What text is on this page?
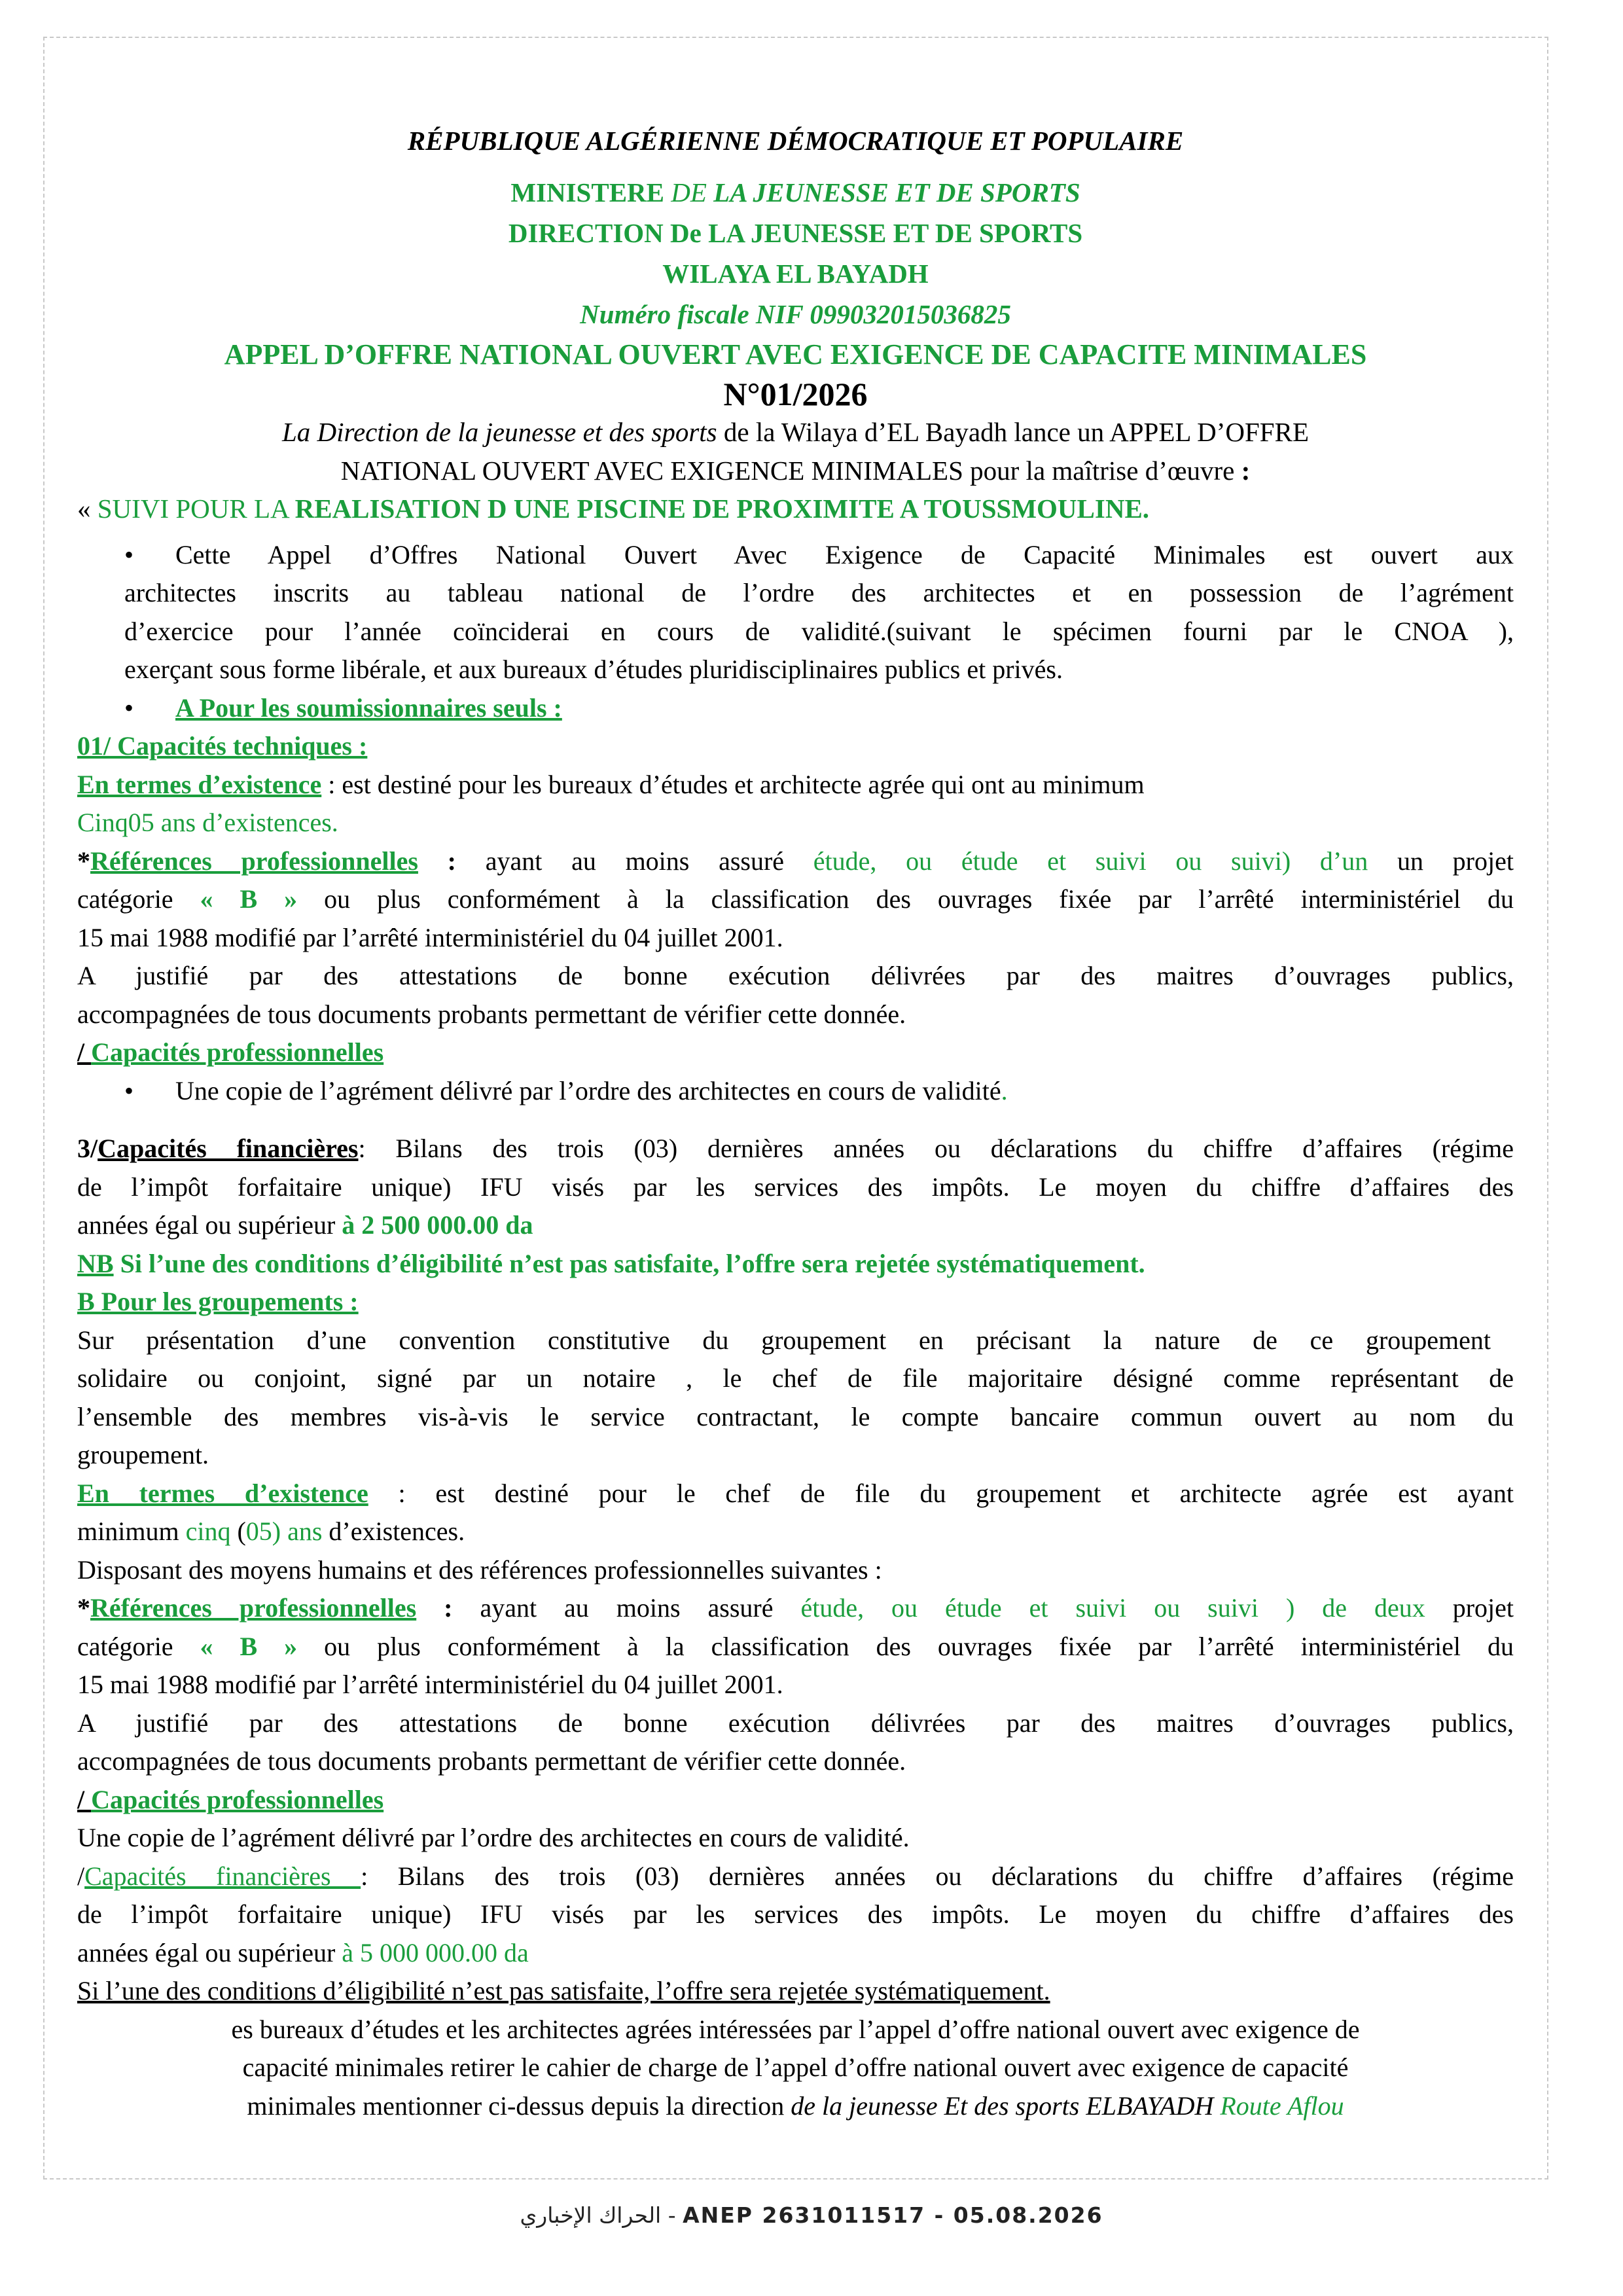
RÉPUBLIQUE ALGÉRIENNE DÉMOCRATIQUE ET POPULAIRE
MINISTERE DE LA JEUNESSE ET DE SPORTS
DIRECTION De LA JEUNESSE ET DE SPORTS
WILAYA EL BAYADH
Numéro fiscale NIF 099032015036825
APPEL D’OFFRE NATIONAL OUVERT AVEC EXIGENCE DE CAPACITE MINIMALES
N°01/2026
La Direction de la jeunesse et des sports de la Wilaya d’EL Bayadh lance un APPEL D’OFFRE
NATIONAL OUVERT AVEC EXIGENCE MINIMALES pour la maîtrise d’œuvre :
« SUIVI POUR LA REALISATION D UNE PISCINE DE PROXIMITE A TOUSSMOULINE.
• Cette Appel d’Offres National Ouvert Avec Exigence de Capacité Minimales est ouvert aux
architectes inscrits au tableau national de l’ordre des architectes et en possession de l’agrément
d’exercice pour l’année coïnciderai en cours de validité.(suivant le spécimen fourni par le CNOA ),
exerçant sous forme libérale, et aux bureaux d’études pluridisciplinaires publics et privés.
• A Pour les soumissionnaires seuls :
01/ Capacités techniques :
En termes d’existence : est destiné pour les bureaux d’études et architecte agrée qui ont au minimum
Cinq05 ans d’existences.
*Références professionnelles : ayant au moins assuré étude, ou étude et suivi ou suivi) d’un un projet
catégorie « B » ou plus conformément à la classification des ouvrages fixée par l’arrêté interministériel du
15 mai 1988 modifié par l’arrêté interministériel du 04 juillet 2001.
A justifié par des attestations de bonne exécution délivrées par des maitres d’ouvrages publics,
accompagnées de tous documents probants permettant de vérifier cette donnée.
/ Capacités professionnelles
• Une copie de l’agrément délivré par l’ordre des architectes en cours de validité.
3/Capacités financières: Bilans des trois (03) dernières années ou déclarations du chiffre d’affaires (régime
de l’impôt forfaitaire unique) IFU visés par les services des impôts. Le moyen du chiffre d’affaires des
années égal ou supérieur à 2 500 000.00 da
NB Si l’une des conditions d’éligibilité n’est pas satisfaite, l’offre sera rejetée systématiquement.
B Pour les groupements :
Sur présentation d’une convention constitutive du groupement en précisant la nature de ce groupement
solidaire ou conjoint, signé par un notaire , le chef de file majoritaire désigné comme représentant de
l’ensemble des membres vis-à-vis le service contractant, le compte bancaire commun ouvert au nom du
groupement.
En termes d’existence : est destiné pour le chef de file du groupement et architecte agrée est ayant
minimum cinq (05) ans d’existences.
Disposant des moyens humains et des références professionnelles suivantes :
*Références professionnelles : ayant au moins assuré étude, ou étude et suivi ou suivi ) de deux projet
catégorie « B » ou plus conformément à la classification des ouvrages fixée par l’arrêté interministériel du
15 mai 1988 modifié par l’arrêté interministériel du 04 juillet 2001.
A justifié par des attestations de bonne exécution délivrées par des maitres d’ouvrages publics,
accompagnées de tous documents probants permettant de vérifier cette donnée.
/ Capacités professionnelles
Une copie de l’agrément délivré par l’ordre des architectes en cours de validité.
/Capacités financières : Bilans des trois (03) dernières années ou déclarations du chiffre d’affaires (régime
de l’impôt forfaitaire unique) IFU visés par les services des impôts. Le moyen du chiffre d’affaires des
années égal ou supérieur à 5 000 000.00 da
Si l’une des conditions d’éligibilité n’est pas satisfaite, l’offre sera rejetée systématiquement.
es bureaux d’études et les architectes agrées intéressées par l’appel d’offre national ouvert avec exigence de
capacité minimales retirer le cahier de charge de l’appel d’offre national ouvert avec exigence de capacité
minimales mentionner ci-dessus depuis la direction de la jeunesse Et des sports ELBAYADH Route Aflou
الحراك الإخباري - ANEP 2631011517 - 05.08.2026
